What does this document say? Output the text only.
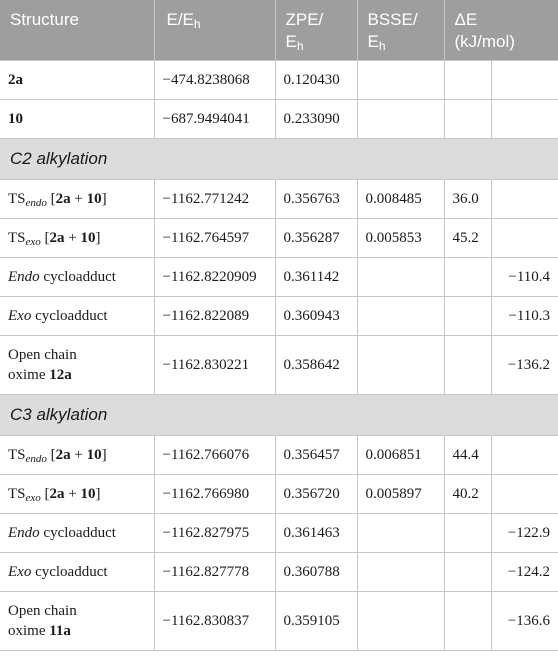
Structure	$E/E_h$	ZPE/
$E_h$	BSSE/
$E_h$	ΔE
(kJ/mol)	
2a	−474.8238068	0.120430			
10	−687.9494041	0.233090			
C2 alkylation					
$TS_{endo}$ [2a + 10]	−1162.771242	0.356763	0.008485	36.0	
$TS_{exo}$ [2a + 10]	−1162.764597	0.356287	0.005853	45.2	
Endo cycloadduct	−1162.8220909	0.361142			−110.4
Exo cycloadduct	−1162.822089	0.360943			−110.3
Open chain
oxime 12a	−1162.830221	0.358642			−136.2
C3 alkylation					
$TS_{endo}$ [2a + 10]	−1162.766076	0.356457	0.006851	44.4	
$TS_{exo}$ [2a + 10]	−1162.766980	0.356720	0.005897	40.2	
Endo cycloadduct	−1162.827975	0.361463			−122.9
Exo cycloadduct	−1162.827778	0.360788			−124.2
Open chain
oxime 11a	−1162.830837	0.359105			−136.6
